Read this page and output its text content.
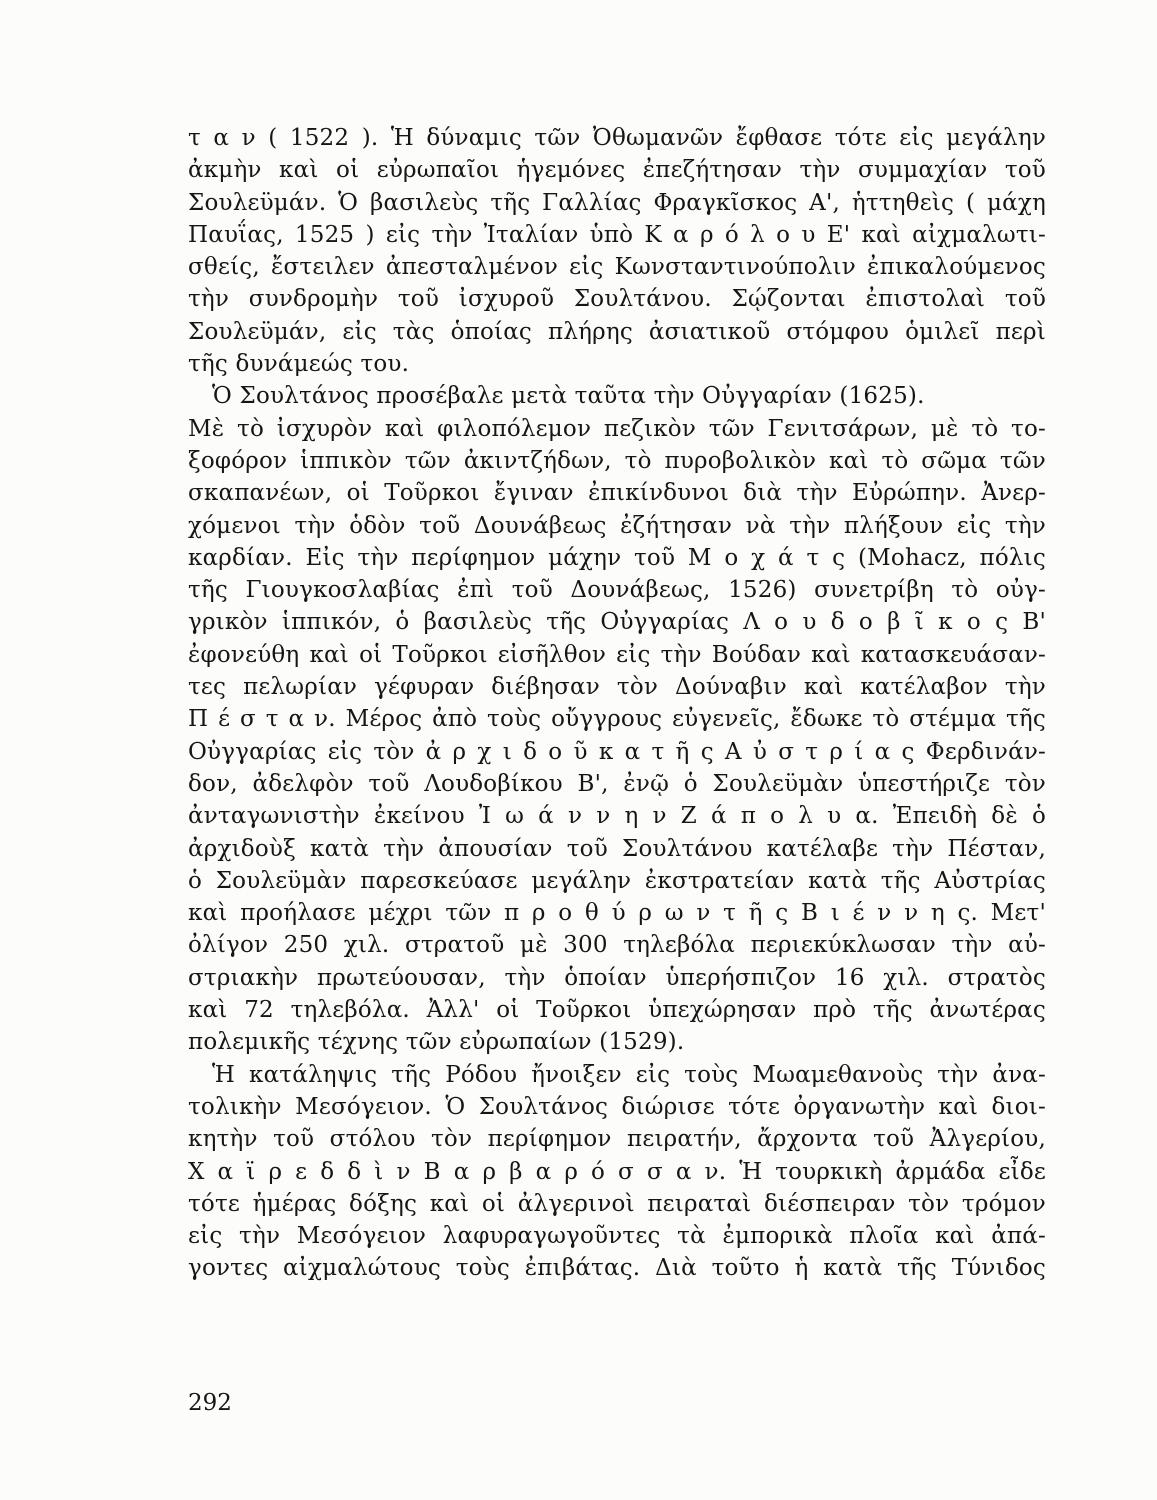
τ α ν ( 1522 ). Ἡ δύναμις τῶν Ὀθωμανῶν ἔφθασε τότε εἰς μεγάλην
ἀκμὴν καὶ οἱ εὐρωπαῖοι ἡγεμόνες ἐπεζήτησαν τὴν συμμαχίαν τοῦ
Σουλεϋμάν. Ὁ βασιλεὺς τῆς Γαλλίας Φραγκῖσκος Α', ἡττηθεὶς ( μάχη
Παυΐας, 1525 ) εἰς τὴν Ἰταλίαν ὑπὸ Κ α ρ ό λ ο υ Ε' καὶ αἰχμαλωτι-
σθείς, ἔστειλεν ἀπεσταλμένον εἰς Κωνσταντινούπολιν ἐπικαλούμενος
τὴν συνδρομὴν τοῦ ἰσχυροῦ Σουλτάνου. Σῴζονται ἐπιστολαὶ τοῦ
Σουλεϋμάν, εἰς τὰς ὁποίας πλήρης ἀσιατικοῦ στόμφου ὁμιλεῖ περὶ
τῆς δυνάμεώς του.
Ὁ Σουλτάνος προσέβαλε μετὰ ταῦτα τὴν Οὐγγαρίαν (1625).
Μὲ τὸ ἰσχυρὸν καὶ φιλοπόλεμον πεζικὸν τῶν Γενιτσάρων, μὲ τὸ το-
ξοφόρον ἱππικὸν τῶν ἀκιντζήδων, τὸ πυροβολικὸν καὶ τὸ σῶμα τῶν
σκαπανέων, οἱ Τοῦρκοι ἔγιναν ἐπικίνδυνοι διὰ τὴν Εὐρώπην. Ἀνερ-
χόμενοι τὴν ὁδὸν τοῦ Δουνάβεως ἐζήτησαν νὰ τὴν πλήξουν εἰς τὴν
καρδίαν. Εἰς τὴν περίφημον μάχην τοῦ Μ ο χ ά τ ς (Mohacz, πόλις
τῆς Γιουγκοσλαβίας ἐπὶ τοῦ Δουνάβεως, 1526) συνετρίβη τὸ οὐγ-
γρικὸν ἱππικόν, ὁ βασιλεὺς τῆς Οὐγγαρίας Λ ο υ δ ο β ῖ κ ο ς Β'
ἐφονεύθη καὶ οἱ Τοῦρκοι εἰσῆλθον εἰς τὴν Βούδαν καὶ κατασκευάσαν-
τες πελωρίαν γέφυραν διέβησαν τὸν Δούναβιν καὶ κατέλαβον τὴν
Π έ σ τ α ν. Μέρος ἀπὸ τοὺς οὔγγρους εὐγενεῖς, ἔδωκε τὸ στέμμα τῆς
Οὐγγαρίας εἰς τὸν ἀ ρ χ ι δ ο ῦ κ α τ ῆ ς Α ὐ σ τ ρ ί α ς Φερδινάν-
δον, ἀδελφὸν τοῦ Λουδοβίκου Β', ἐνῷ ὁ Σουλεϋμὰν ὑπεστήριζε τὸν
ἀνταγωνιστὴν ἐκείνου Ἰ ω ά ν ν η ν Ζ ά π ο λ υ α. Ἐπειδὴ δὲ ὁ
ἀρχιδοὺξ κατὰ τὴν ἀπουσίαν τοῦ Σουλτάνου κατέλαβε τὴν Πέσταν,
ὁ Σουλεϋμὰν παρεσκεύασε μεγάλην ἐκστρατείαν κατὰ τῆς Αὐστρίας
καὶ προήλασε μέχρι τῶν π ρ ο θ ύ ρ ω ν τ ῆ ς Β ι έ ν ν η ς. Μετ'
ὀλίγον 250 χιλ. στρατοῦ μὲ 300 τηλεβόλα περιεκύκλωσαν τὴν αὐ-
στριακὴν πρωτεύουσαν, τὴν ὁποίαν ὑπερήσπιζον 16 χιλ. στρατὸς
καὶ 72 τηλεβόλα. Ἀλλ' οἱ Τοῦρκοι ὑπεχώρησαν πρὸ τῆς ἀνωτέρας
πολεμικῆς τέχνης τῶν εὐρωπαίων (1529).
Ἡ κατάληψις τῆς Ρόδου ἤνοιξεν εἰς τοὺς Μωαμεθανοὺς τὴν ἀνα-
τολικὴν Μεσόγειον. Ὁ Σουλτάνος διώρισε τότε ὀργανωτὴν καὶ διοι-
κητὴν τοῦ στόλου τὸν περίφημον πειρατήν, ἄρχοντα τοῦ Ἀλγερίου,
Χ α ϊ ρ ε δ δ ὶ ν Β α ρ β α ρ ό σ σ α ν. Ἡ τουρκικὴ ἀρμάδα εἶδε
τότε ἡμέρας δόξης καὶ οἱ ἀλγερινοὶ πειραταὶ διέσπειραν τὸν τρόμον
εἰς τὴν Μεσόγειον λαφυραγωγοῦντες τὰ ἐμπορικὰ πλοῖα καὶ ἀπά-
γοντες αἰχμαλώτους τοὺς ἐπιβάτας. Διὰ τοῦτο ἡ κατὰ τῆς Τύνιδος
292
